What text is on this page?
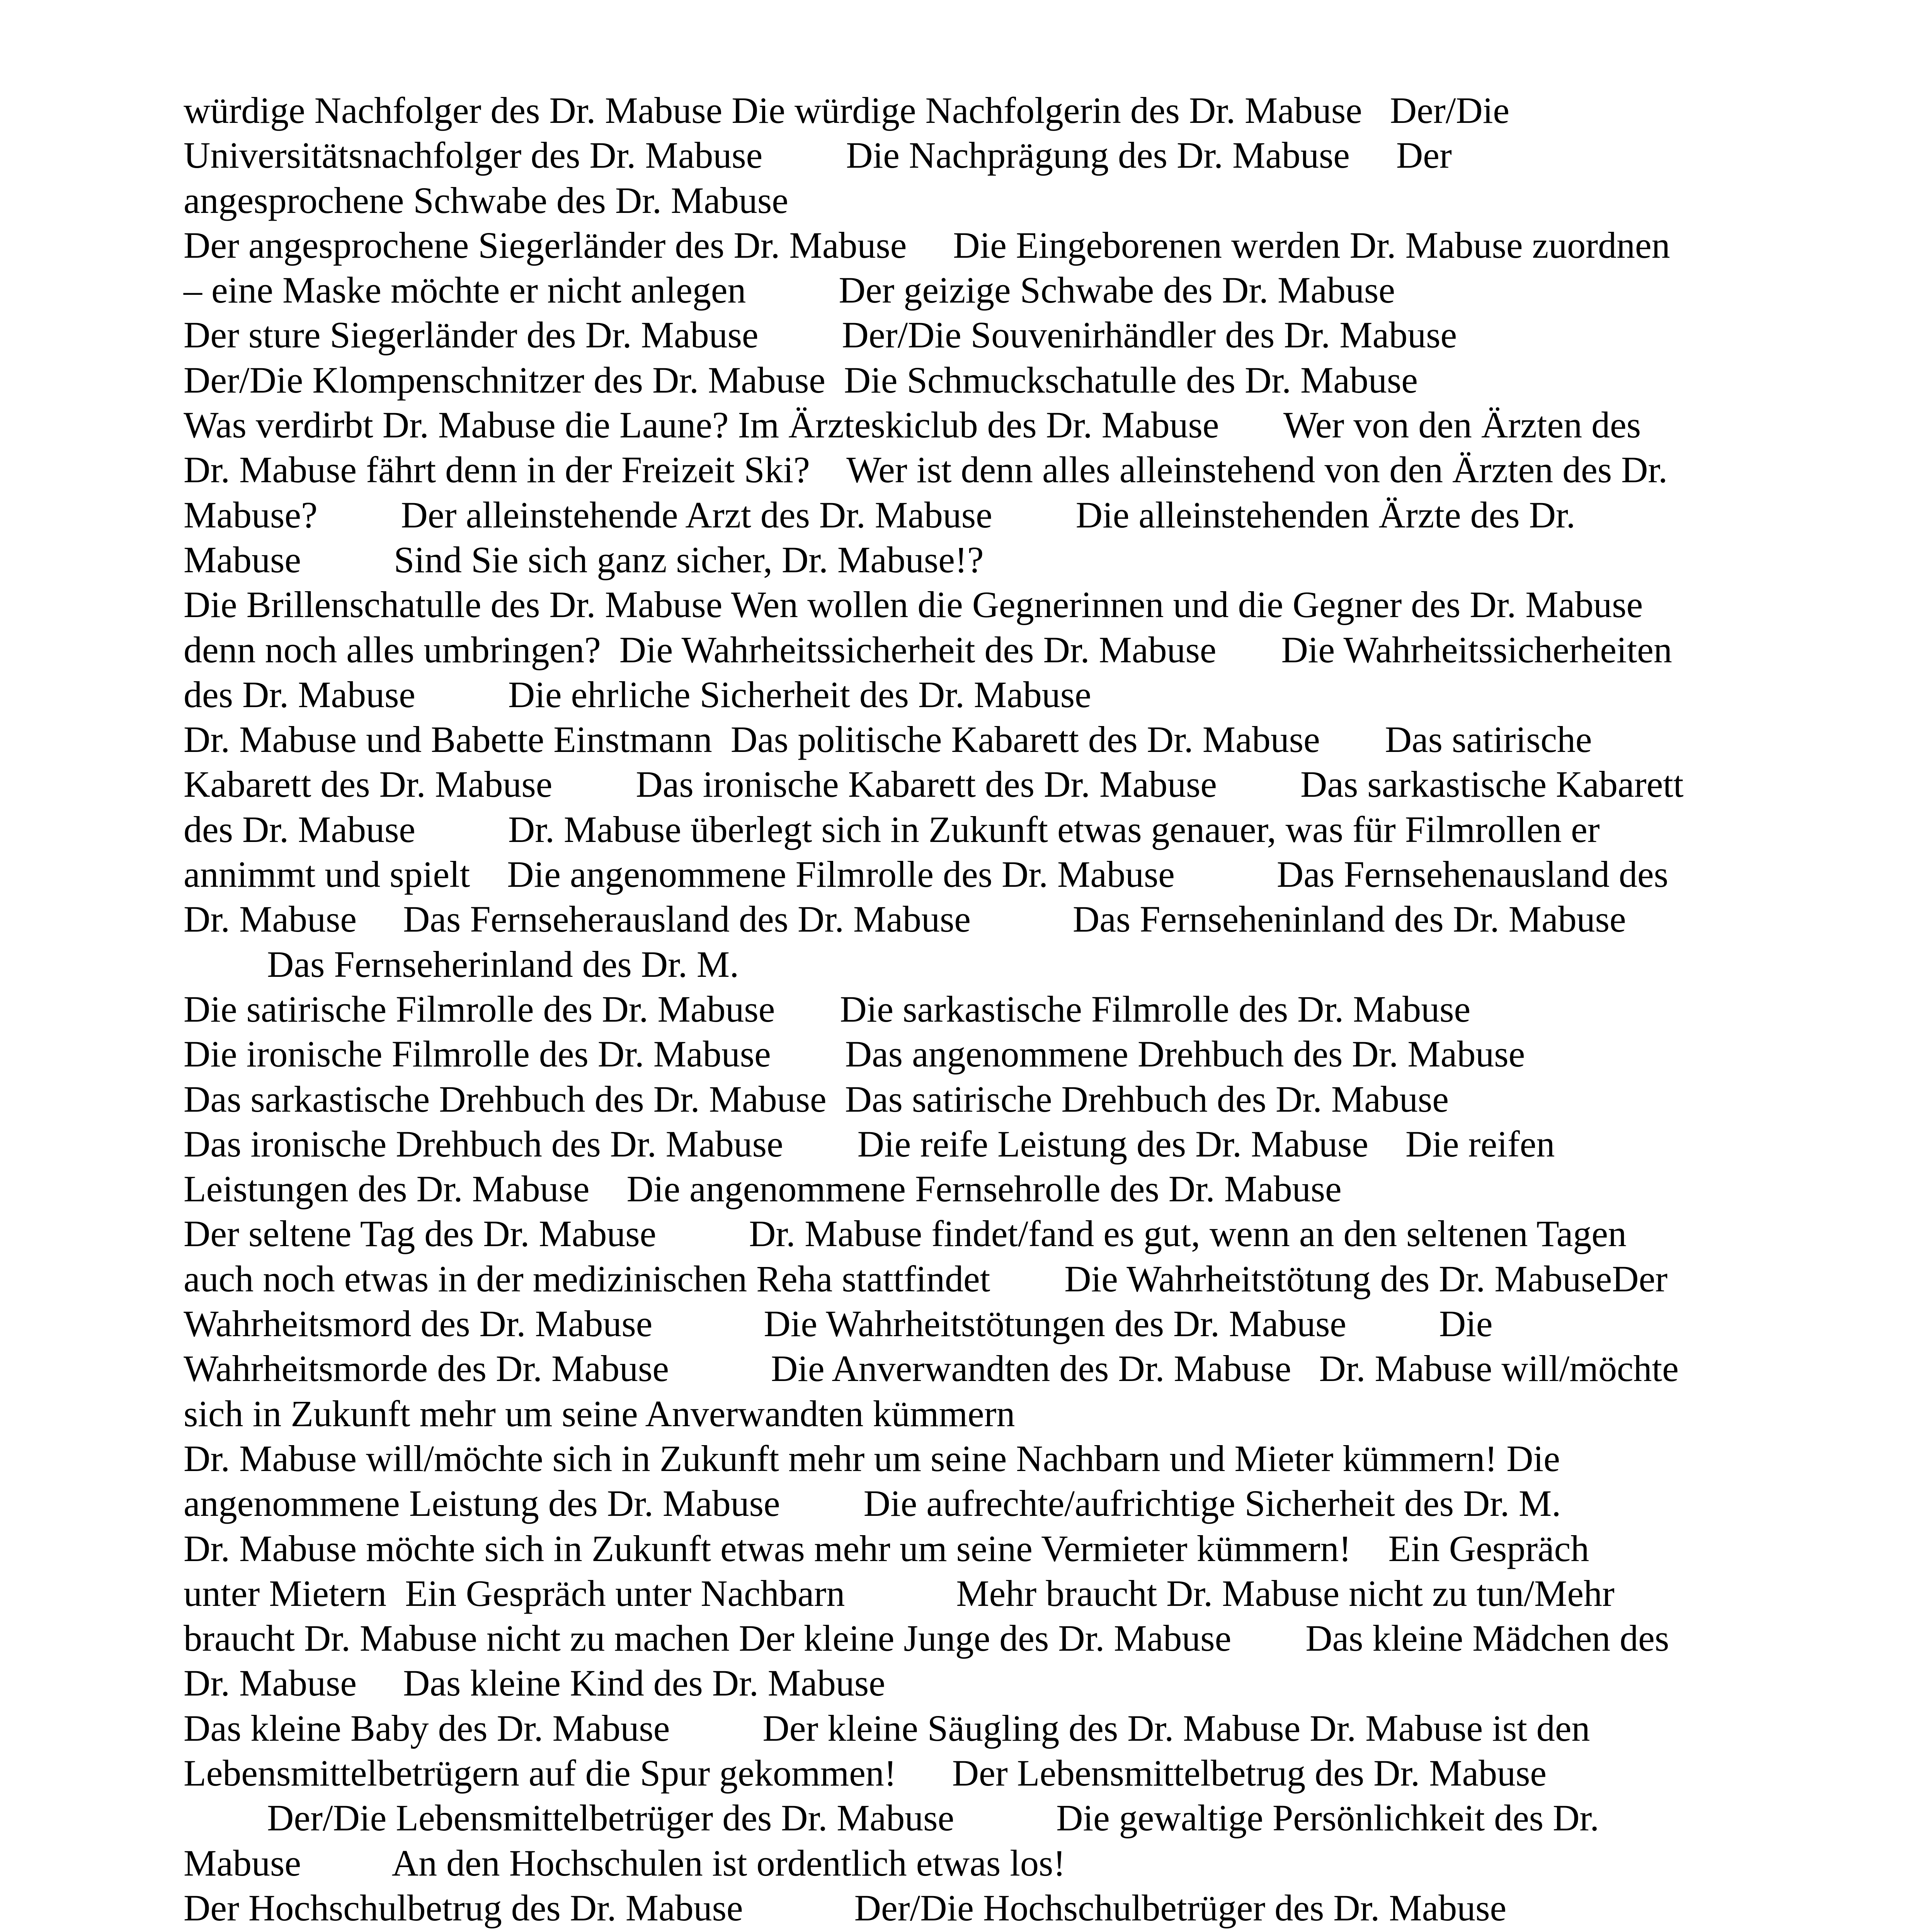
würdige Nachfolger des Dr. Mabuse Die würdige Nachfolgerin des Dr. Mabuse   Der/Die
Universitätsnachfolger des Dr. Mabuse         Die Nachprägung des Dr. Mabuse     Der
angesprochene Schwabe des Dr. Mabuse
Der angesprochene Siegerländer des Dr. Mabuse     Die Eingeborenen werden Dr. Mabuse zuordnen
– eine Maske möchte er nicht anlegen          Der geizige Schwabe des Dr. Mabuse
Der sture Siegerländer des Dr. Mabuse         Der/Die Souvenirhändler des Dr. Mabuse
Der/Die Klompenschnitzer des Dr. Mabuse  Die Schmuckschatulle des Dr. Mabuse
Was verdirbt Dr. Mabuse die Laune? Im Ärzteskiclub des Dr. Mabuse       Wer von den Ärzten des
Dr. Mabuse fährt denn in der Freizeit Ski?    Wer ist denn alles alleinstehend von den Ärzten des Dr.
Mabuse?         Der alleinstehende Arzt des Dr. Mabuse         Die alleinstehenden Ärzte des Dr.
Mabuse          Sind Sie sich ganz sicher, Dr. Mabuse!?
Die Brillenschatulle des Dr. Mabuse Wen wollen die Gegnerinnen und die Gegner des Dr. Mabuse
denn noch alles umbringen?  Die Wahrheitssicherheit des Dr. Mabuse       Die Wahrheitssicherheiten
des Dr. Mabuse          Die ehrliche Sicherheit des Dr. Mabuse
Dr. Mabuse und Babette Einstmann  Das politische Kabarett des Dr. Mabuse       Das satirische
Kabarett des Dr. Mabuse         Das ironische Kabarett des Dr. Mabuse         Das sarkastische Kabarett
des Dr. Mabuse          Dr. Mabuse überlegt sich in Zukunft etwas genauer, was für Filmrollen er
annimmt und spielt    Die angenommene Filmrolle des Dr. Mabuse           Das Fernsehenausland des
Dr. Mabuse     Das Fernseherausland des Dr. Mabuse           Das Fernseheninland des Dr. Mabuse
Das Fernseherinland des Dr. M.
Die satirische Filmrolle des Dr. Mabuse       Die sarkastische Filmrolle des Dr. Mabuse
Die ironische Filmrolle des Dr. Mabuse        Das angenommene Drehbuch des Dr. Mabuse
Das sarkastische Drehbuch des Dr. Mabuse  Das satirische Drehbuch des Dr. Mabuse
Das ironische Drehbuch des Dr. Mabuse        Die reife Leistung des Dr. Mabuse    Die reifen
Leistungen des Dr. Mabuse    Die angenommene Fernsehrolle des Dr. Mabuse
Der seltene Tag des Dr. Mabuse          Dr. Mabuse findet/fand es gut, wenn an den seltenen Tagen
auch noch etwas in der medizinischen Reha stattfindet        Die Wahrheitstötung des Dr. MabuseDer
Wahrheitsmord des Dr. Mabuse            Die Wahrheitstötungen des Dr. Mabuse          Die
Wahrheitsmorde des Dr. Mabuse           Die Anverwandten des Dr. Mabuse   Dr. Mabuse will/möchte
sich in Zukunft mehr um seine Anverwandten kümmern
Dr. Mabuse will/möchte sich in Zukunft mehr um seine Nachbarn und Mieter kümmern! Die
angenommene Leistung des Dr. Mabuse         Die aufrechte/aufrichtige Sicherheit des Dr. M.
Dr. Mabuse möchte sich in Zukunft etwas mehr um seine Vermieter kümmern!    Ein Gespräch
unter Mietern  Ein Gespräch unter Nachbarn            Mehr braucht Dr. Mabuse nicht zu tun/Mehr
braucht Dr. Mabuse nicht zu machen Der kleine Junge des Dr. Mabuse        Das kleine Mädchen des
Dr. Mabuse     Das kleine Kind des Dr. Mabuse
Das kleine Baby des Dr. Mabuse          Der kleine Säugling des Dr. Mabuse Dr. Mabuse ist den
Lebensmittelbetrügern auf die Spur gekommen!      Der Lebensmittelbetrug des Dr. Mabuse
Der/Die Lebensmittelbetrüger des Dr. Mabuse           Die gewaltige Persönlichkeit des Dr.
Mabuse          An den Hochschulen ist ordentlich etwas los!
Der Hochschulbetrug des Dr. Mabuse            Der/Die Hochschulbetrüger des Dr. Mabuse
